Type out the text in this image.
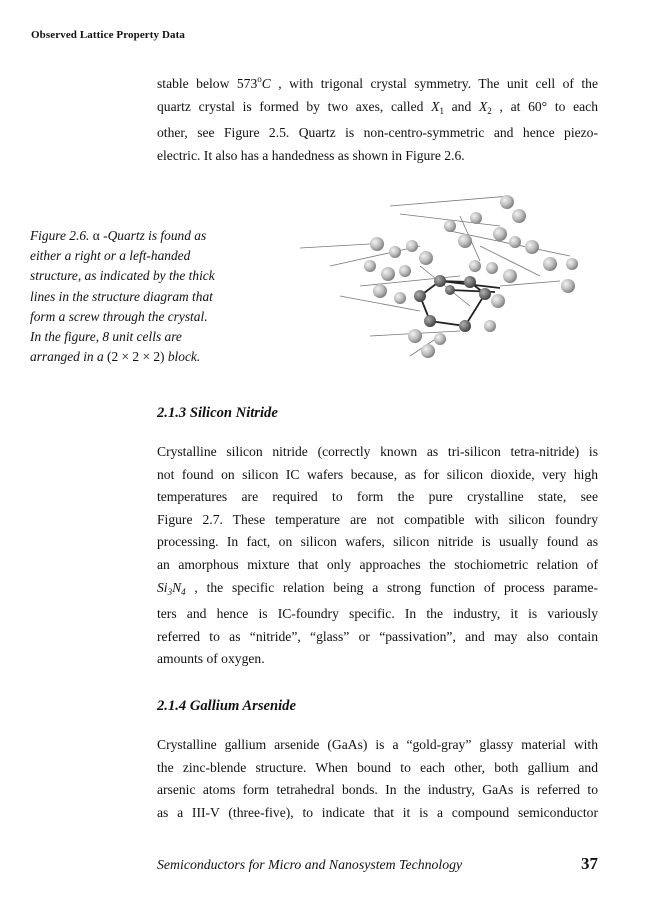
Observed Lattice Property Data
stable below 573$^o$C , with trigonal crystal symmetry. The unit cell of the
quartz crystal is formed by two axes, called $X_1$ and $X_2$ , at 60° to each
other, see Figure 2.5. Quartz is non-centro-symmetric and hence piezo-
electric. It also has a handedness as shown in Figure 2.6.
Figure 2.6. α -Quartz is found as
either a right or a left-handed
structure, as indicated by the thick
lines in the structure diagram that
form a screw through the crystal.
In the figure, 8 unit cells are
arranged in a (2 × 2 × 2) block.
2.1.3 Silicon Nitride
Crystalline silicon nitride (correctly known as tri-silicon tetra-nitride) is
not found on silicon IC wafers because, as for silicon dioxide, very high
temperatures are required to form the pure crystalline state, see
Figure 2.7. These temperature are not compatible with silicon foundry
processing. In fact, on silicon wafers, silicon nitride is usually found as
an amorphous mixture that only approaches the stochiometric relation of
$Si_3N_4$ , the specific relation being a strong function of process parame-
ters and hence is IC-foundry specific. In the industry, it is variously
referred to as “nitride”, “glass” or “passivation”, and may also contain
amounts of oxygen.
2.1.4 Gallium Arsenide
Crystalline gallium arsenide (GaAs) is a “gold-gray” glassy material with
the zinc-blende structure. When bound to each other, both gallium and
arsenic atoms form tetrahedral bonds. In the industry, GaAs is referred to
as a III-V (three-five), to indicate that it is a compound semiconductor
Semiconductors for Micro and Nanosystem Technology	37
